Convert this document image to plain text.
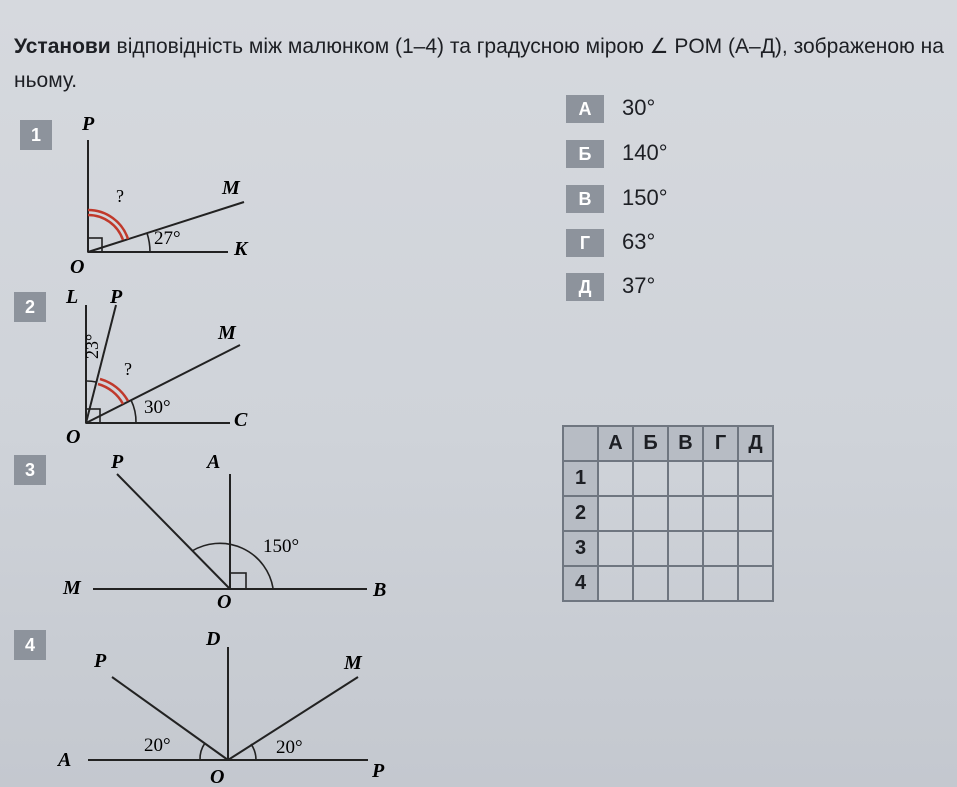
Установи відповідність між малюнком (1–4) та градусною мірою ∠ POM (А–Д), зображеною на ньому.
1
2
3
4
P
M
O
K
?
27°
L P
M
O
C
?
23°
30°
P	A
M
O
B
150°
D
P	M
A
O	P
20°	20°
А	30°
Б	140°
В	150°
Г	63°
Д	37°
	А	Б	В	Г	Д
1					
2					
3					
4					
